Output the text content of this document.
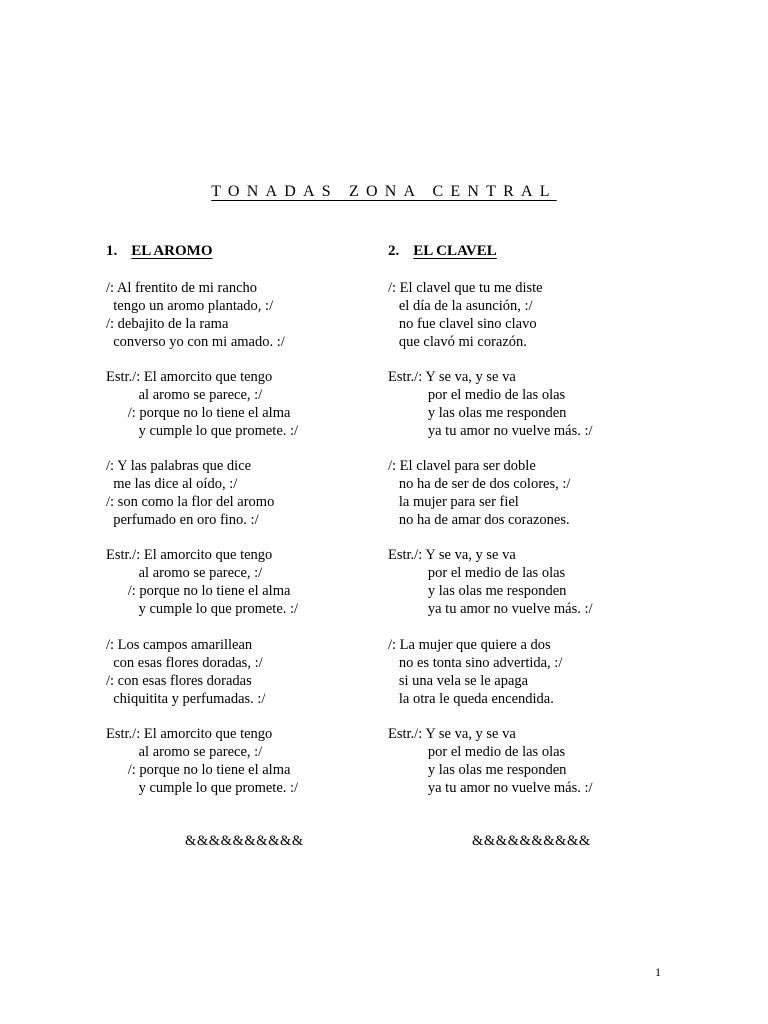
TONADAS ZONA CENTRAL
1. EL AROMO

/: Al frentito de mi rancho

tengo un aromo plantado, :/

/: debajito de la rama

converso yo con mi amado. :/

Estr./: El amorcito que tengo

al aromo se parece, :/

/: porque no lo tiene el alma

y cumple lo que promete. :/

/: Y las palabras que dice

me las dice al oído, :/

/: son como la flor del aromo

perfumado en oro fino. :/

Estr./: El amorcito que tengo

al aromo se parece, :/

/: porque no lo tiene el alma

y cumple lo que promete. :/

/: Los campos amarillean

con esas flores doradas, :/

/: con esas flores doradas

chiquitita y perfumadas. :/

Estr./: El amorcito que tengo

al aromo se parece, :/

/: porque no lo tiene el alma

y cumple lo que promete. :/

&&&&&&&&&&

2. EL CLAVEL

/: El clavel que tu me diste

el día de la asunción, :/

no fue clavel sino clavo

que clavó mi corazón.

Estr./: Y se va, y se va

por el medio de las olas

y las olas me responden

ya tu amor no vuelve más. :/

/: El clavel para ser doble

no ha de ser de dos colores, :/

la mujer para ser fiel

no ha de amar dos corazones.

Estr./: Y se va, y se va

por el medio de las olas

y las olas me responden

ya tu amor no vuelve más. :/

/: La mujer que quiere a dos

no es tonta sino advertida, :/

si una vela se le apaga

la otra le queda encendida.

Estr./: Y se va, y se va

por el medio de las olas

y las olas me responden

ya tu amor no vuelve más. :/

&&&&&&&&&&

1
